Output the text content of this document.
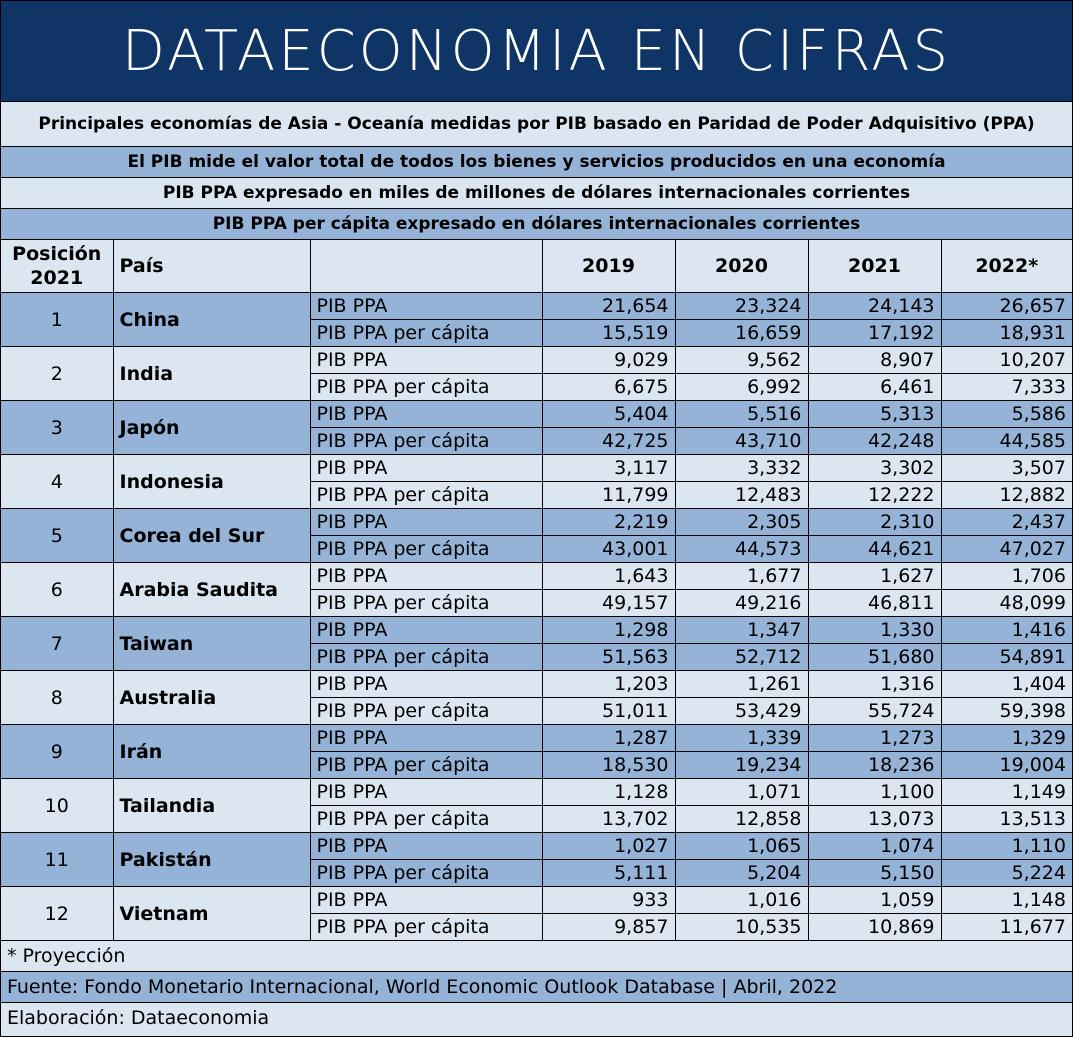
DATAECONOMIA EN CIFRAS
Principales economías de Asia - Oceanía medidas por PIB basado en Paridad de Poder Adquisitivo (PPA)
El PIB mide el valor total de todos los bienes y servicios producidos en una economía
PIB PPA expresado en miles de millones de dólares internacionales corrientes
PIB PPA per cápita expresado en dólares internacionales corrientes
Posición
2021	País		2019	2020	2021	2022*
1	China	PIB PPA	21,654	23,324	24,143	26,657
		PIB PPA per cápita	15,519	16,659	17,192	18,931
2	India	PIB PPA	9,029	9,562	8,907	10,207
		PIB PPA per cápita	6,675	6,992	6,461	7,333
3	Japón	PIB PPA	5,404	5,516	5,313	5,586
		PIB PPA per cápita	42,725	43,710	42,248	44,585
4	Indonesia	PIB PPA	3,117	3,332	3,302	3,507
		PIB PPA per cápita	11,799	12,483	12,222	12,882
5	Corea del Sur	PIB PPA	2,219	2,305	2,310	2,437
		PIB PPA per cápita	43,001	44,573	44,621	47,027
6	Arabia Saudita	PIB PPA	1,643	1,677	1,627	1,706
		PIB PPA per cápita	49,157	49,216	46,811	48,099
7	Taiwan	PIB PPA	1,298	1,347	1,330	1,416
		PIB PPA per cápita	51,563	52,712	51,680	54,891
8	Australia	PIB PPA	1,203	1,261	1,316	1,404
		PIB PPA per cápita	51,011	53,429	55,724	59,398
9	Irán	PIB PPA	1,287	1,339	1,273	1,329
		PIB PPA per cápita	18,530	19,234	18,236	19,004
10	Tailandia	PIB PPA	1,128	1,071	1,100	1,149
		PIB PPA per cápita	13,702	12,858	13,073	13,513
11	Pakistán	PIB PPA	1,027	1,065	1,074	1,110
		PIB PPA per cápita	5,111	5,204	5,150	5,224
12	Vietnam	PIB PPA	933	1,016	1,059	1,148
		PIB PPA per cápita	9,857	10,535	10,869	11,677
* Proyección
Fuente: Fondo Monetario Internacional, World Economic Outlook Database | Abril, 2022
Elaboración: Dataeconomia
